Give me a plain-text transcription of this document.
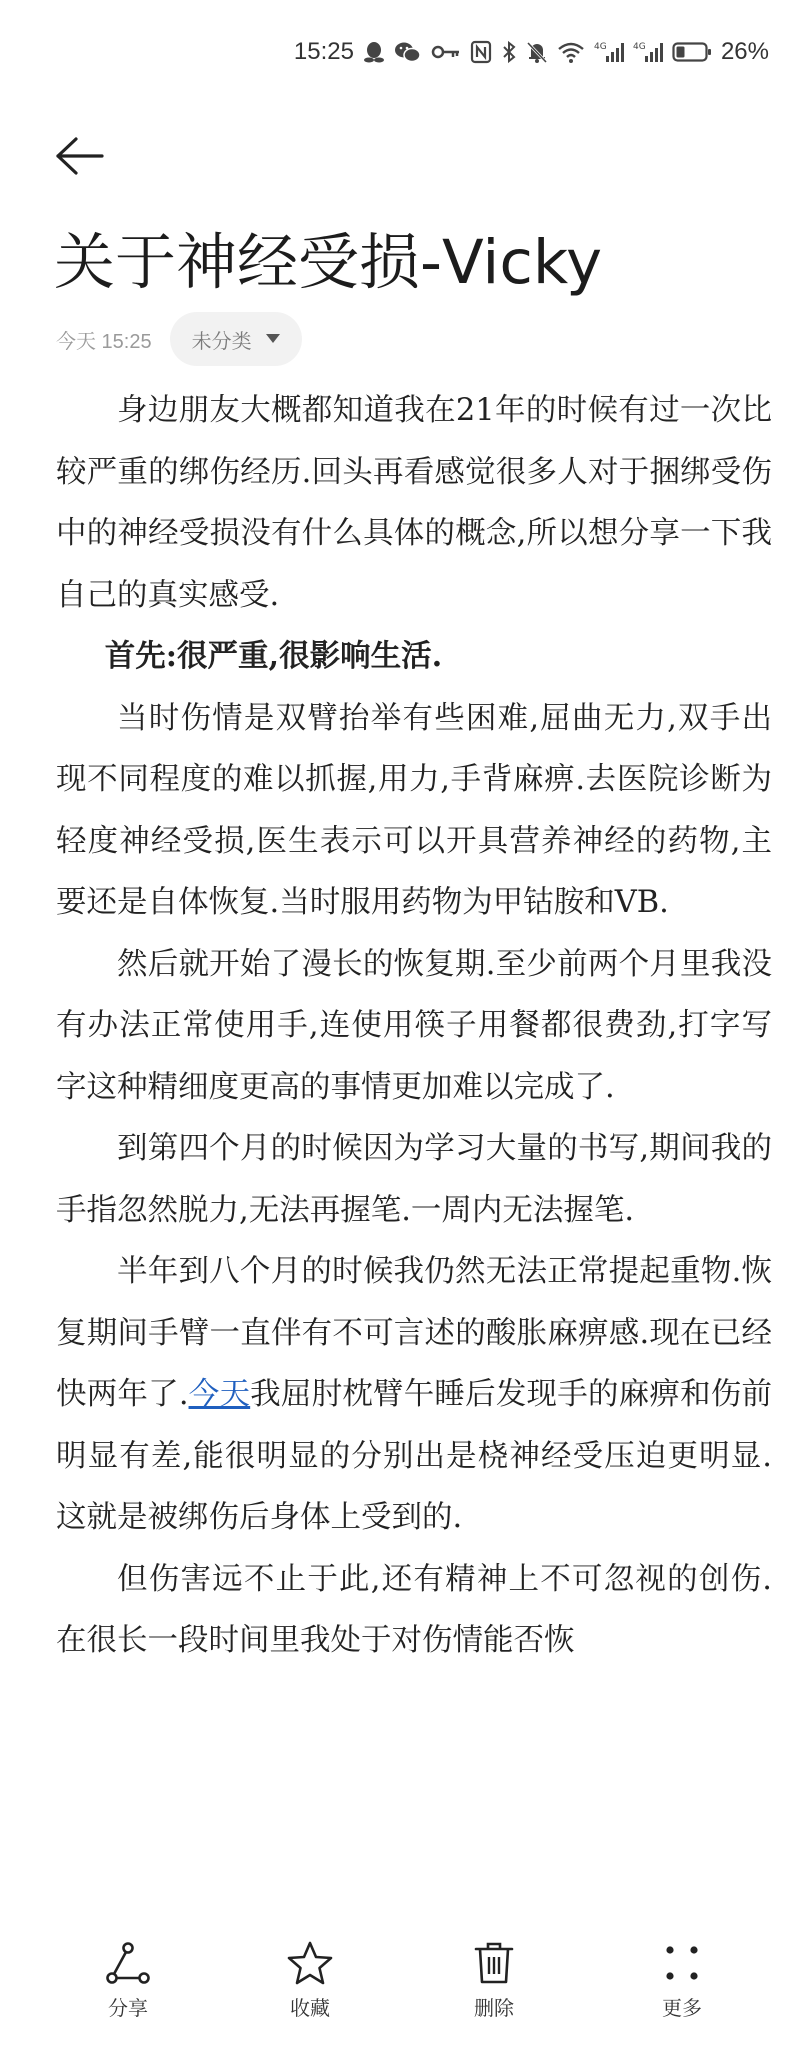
15:25	4G	4G	26%
关于神经受损-Vicky
今天 15:25 未分类

身边朋友大概都知道我在21年的时候有过一次比较严重的绑伤经历.回头再看感觉很多人对于捆绑受伤中的神经受损没有什么具体的概念,所以想分享一下我自己的真实感受.

首先:很严重,很影响生活.

当时伤情是双臂抬举有些困难,屈曲无力,双手出现不同程度的难以抓握,用力,手背麻痹.去医院诊断为轻度神经受损,医生表示可以开具营养神经的药物,主要还是自体恢复.当时服用药物为甲钴胺和VB.

然后就开始了漫长的恢复期.至少前两个月里我没有办法正常使用手,连使用筷子用餐都很费劲,打字写字这种精细度更高的事情更加难以完成了.

到第四个月的时候因为学习大量的书写,期间我的手指忽然脱力,无法再握笔.一周内无法握笔.

半年到八个月的时候我仍然无法正常提起重物.恢复期间手臂一直伴有不可言述的酸胀麻痹感.现在已经快两年了.今天我屈肘枕臂午睡后发现手的麻痹和伤前明显有差,能很明显的分别出是桡神经受压迫更明显.这就是被绑伤后身体上受到的.

但伤害远不止于此,还有精神上不可忽视的创伤.在很长一段时间里我处于对伤情能否恢

分享	收藏	删除	更多
